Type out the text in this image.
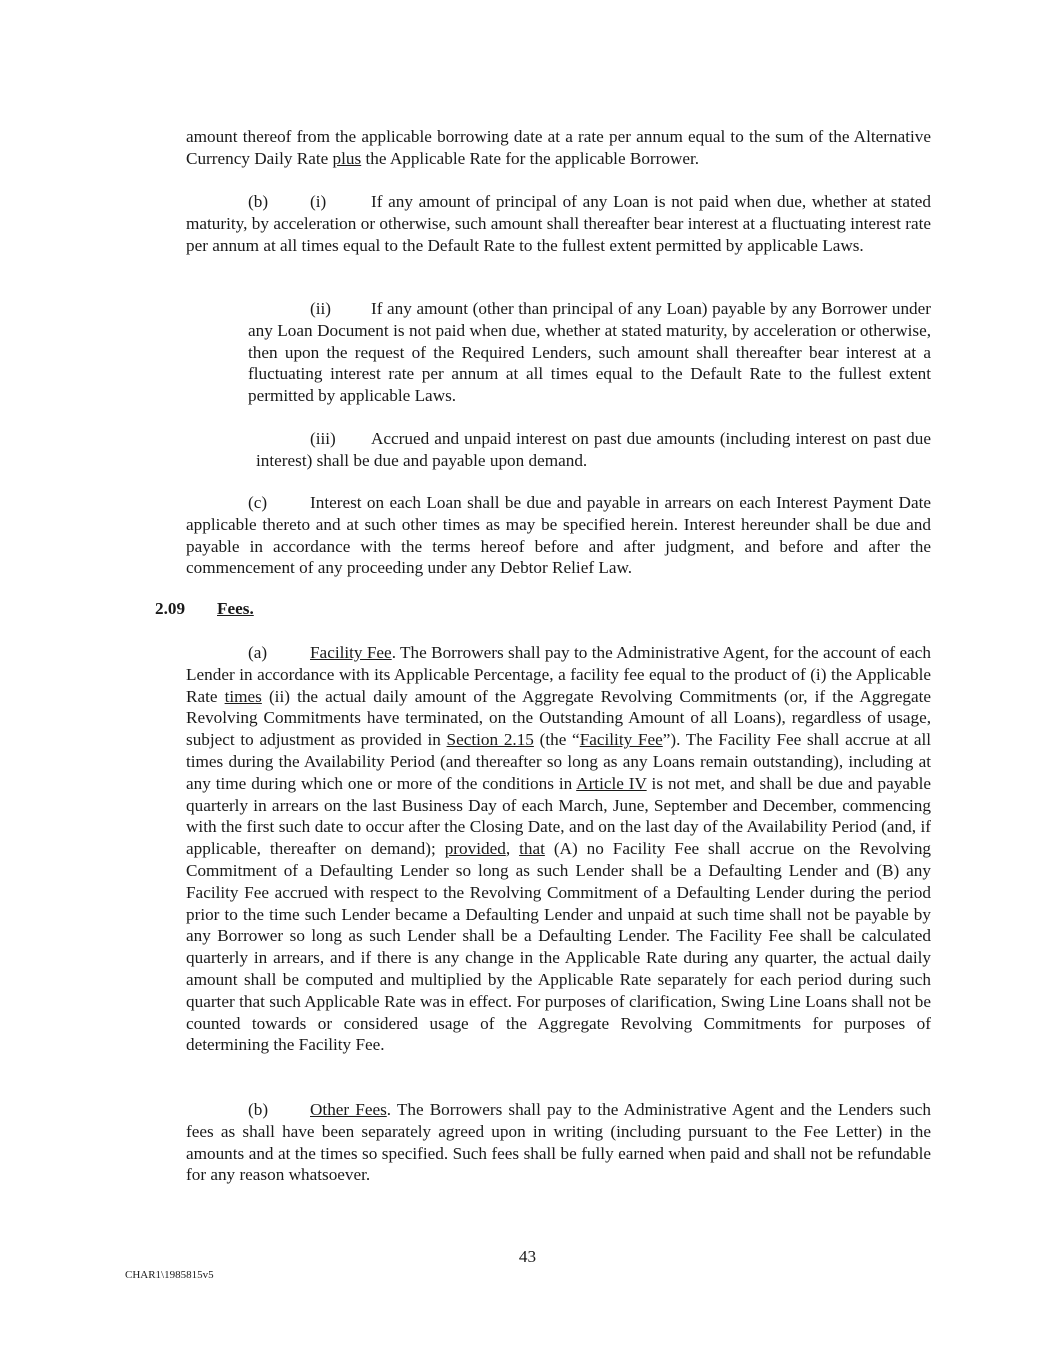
amount thereof from the applicable borrowing date at a rate per annum equal to the sum of the Alternative Currency Daily Rate plus the Applicable Rate for the applicable Borrower.

(b) (i)	If any amount of principal of any Loan is not paid when due, whether at stated maturity, by acceleration or otherwise, such amount shall thereafter bear interest at a fluctuating interest rate per annum at all times equal to the Default Rate to the fullest extent permitted by applicable Laws.

(ii) If any amount (other than principal of any Loan) payable by any Borrower under any Loan Document is not paid when due, whether at stated maturity, by acceleration or otherwise, then upon the request of the Required Lenders, such amount shall thereafter bear interest at a fluctuating interest rate per annum at all times equal to the Default Rate to the fullest extent permitted by applicable Laws.

(iii) Accrued and unpaid interest on past due amounts (including interest on past due interest) shall be due and payable upon demand.

(c) Interest on each Loan shall be due and payable in arrears on each Interest Payment Date applicable thereto and at such other times as may be specified herein. Interest hereunder shall be due and payable in accordance with the terms hereof before and after judgment, and before and after the commencement of any proceeding under any Debtor Relief Law.

2.09 Fees.

(a) Facility Fee. The Borrowers shall pay to the Administrative Agent, for the account of each Lender in accordance with its Applicable Percentage, a facility fee equal to the product of (i) the Applicable Rate times (ii) the actual daily amount of the Aggregate Revolving Commitments (or, if the Aggregate Revolving Commitments have terminated, on the Outstanding Amount of all Loans), regardless of usage, subject to adjustment as provided in Section 2.15 (the “Facility Fee”). The Facility Fee shall accrue at all times during the Availability Period (and thereafter so long as any Loans remain outstanding), including at any time during which one or more of the conditions in Article IV is not met, and shall be due and payable quarterly in arrears on the last Business Day of each March, June, September and December, commencing with the first such date to occur after the Closing Date, and on the last day of the Availability Period (and, if applicable, thereafter on demand); provided, that (A) no Facility Fee shall accrue on the Revolving Commitment of a Defaulting Lender so long as such Lender shall be a Defaulting Lender and (B) any Facility Fee accrued with respect to the Revolving Commitment of a Defaulting Lender during the period prior to the time such Lender became a Defaulting Lender and unpaid at such time shall not be payable by any Borrower so long as such Lender shall be a Defaulting Lender. The Facility Fee shall be calculated quarterly in arrears, and if there is any change in the Applicable Rate during any quarter, the actual daily amount shall be computed and multiplied by the Applicable Rate separately for each period during such quarter that such Applicable Rate was in effect. For purposes of clarification, Swing Line Loans shall not be counted towards or considered usage of the Aggregate Revolving Commitments for purposes of determining the Facility Fee.

(b) Other Fees. The Borrowers shall pay to the Administrative Agent and the Lenders such fees as shall have been separately agreed upon in writing (including pursuant to the Fee Letter) in the amounts and at the times so specified. Such fees shall be fully earned when paid and shall not be refundable for any reason whatsoever.

43

CHAR1\1985815v5
